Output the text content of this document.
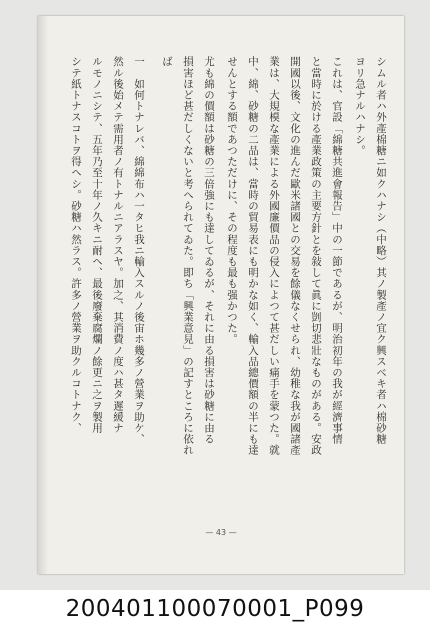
シムル者ハ外產棉糖ニ如クハナシ（中略）其ノ製產ノ宜ク興スベキ者ハ棉砂糖
ヨリ急ナルハナシ。
これは、官設「綿糖共進會報告」中の一節であるが、明治初年の我が經濟事情
と當時に於ける產業政策の主要方針とを敍して眞に剴切悲壯なものがある。安政
開國以後、文化の進んだ歐米諸國との交易を餘儀なくせられ、幼稚な我が國諸產
業は、大規模な產業による外國廉價品の侵入によつて甚だしい痛手を蒙つた。就
中、綿、砂糖の二品は、當時の貿易表にも明かな如く、輸入品總價額の半にも達
せんとする額であつただけに、その程度も最も强かつた。
尤も綿の價額は砂糖の三倍強にも達してゐるが、それに由る損害は砂糖に由る
損害ほど甚だしくないと考へられてゐた。即ち「興業意見」の記すところに依れ
ば
一　如何トナレバ、綿綿布ハ一タヒ我ニ輸入スルノ後宙ホ幾多ノ營業ヲ助ケ、
然ル後始メテ需用者ノ有トナルニアラスヤ。加之、其消費ノ度ハ甚タ遲緩ナ
ルモノニシテ、五年乃至十年ノ久キニ耐ヘ、最後廢棄腐爛ノ餘更ニ之ヲ製用
シテ紙トナスコトヲ得ヘシ。砂糖ハ然ラス。許多ノ營業ヲ助クルコトナク、
— 43 —
200401100070001_P099
